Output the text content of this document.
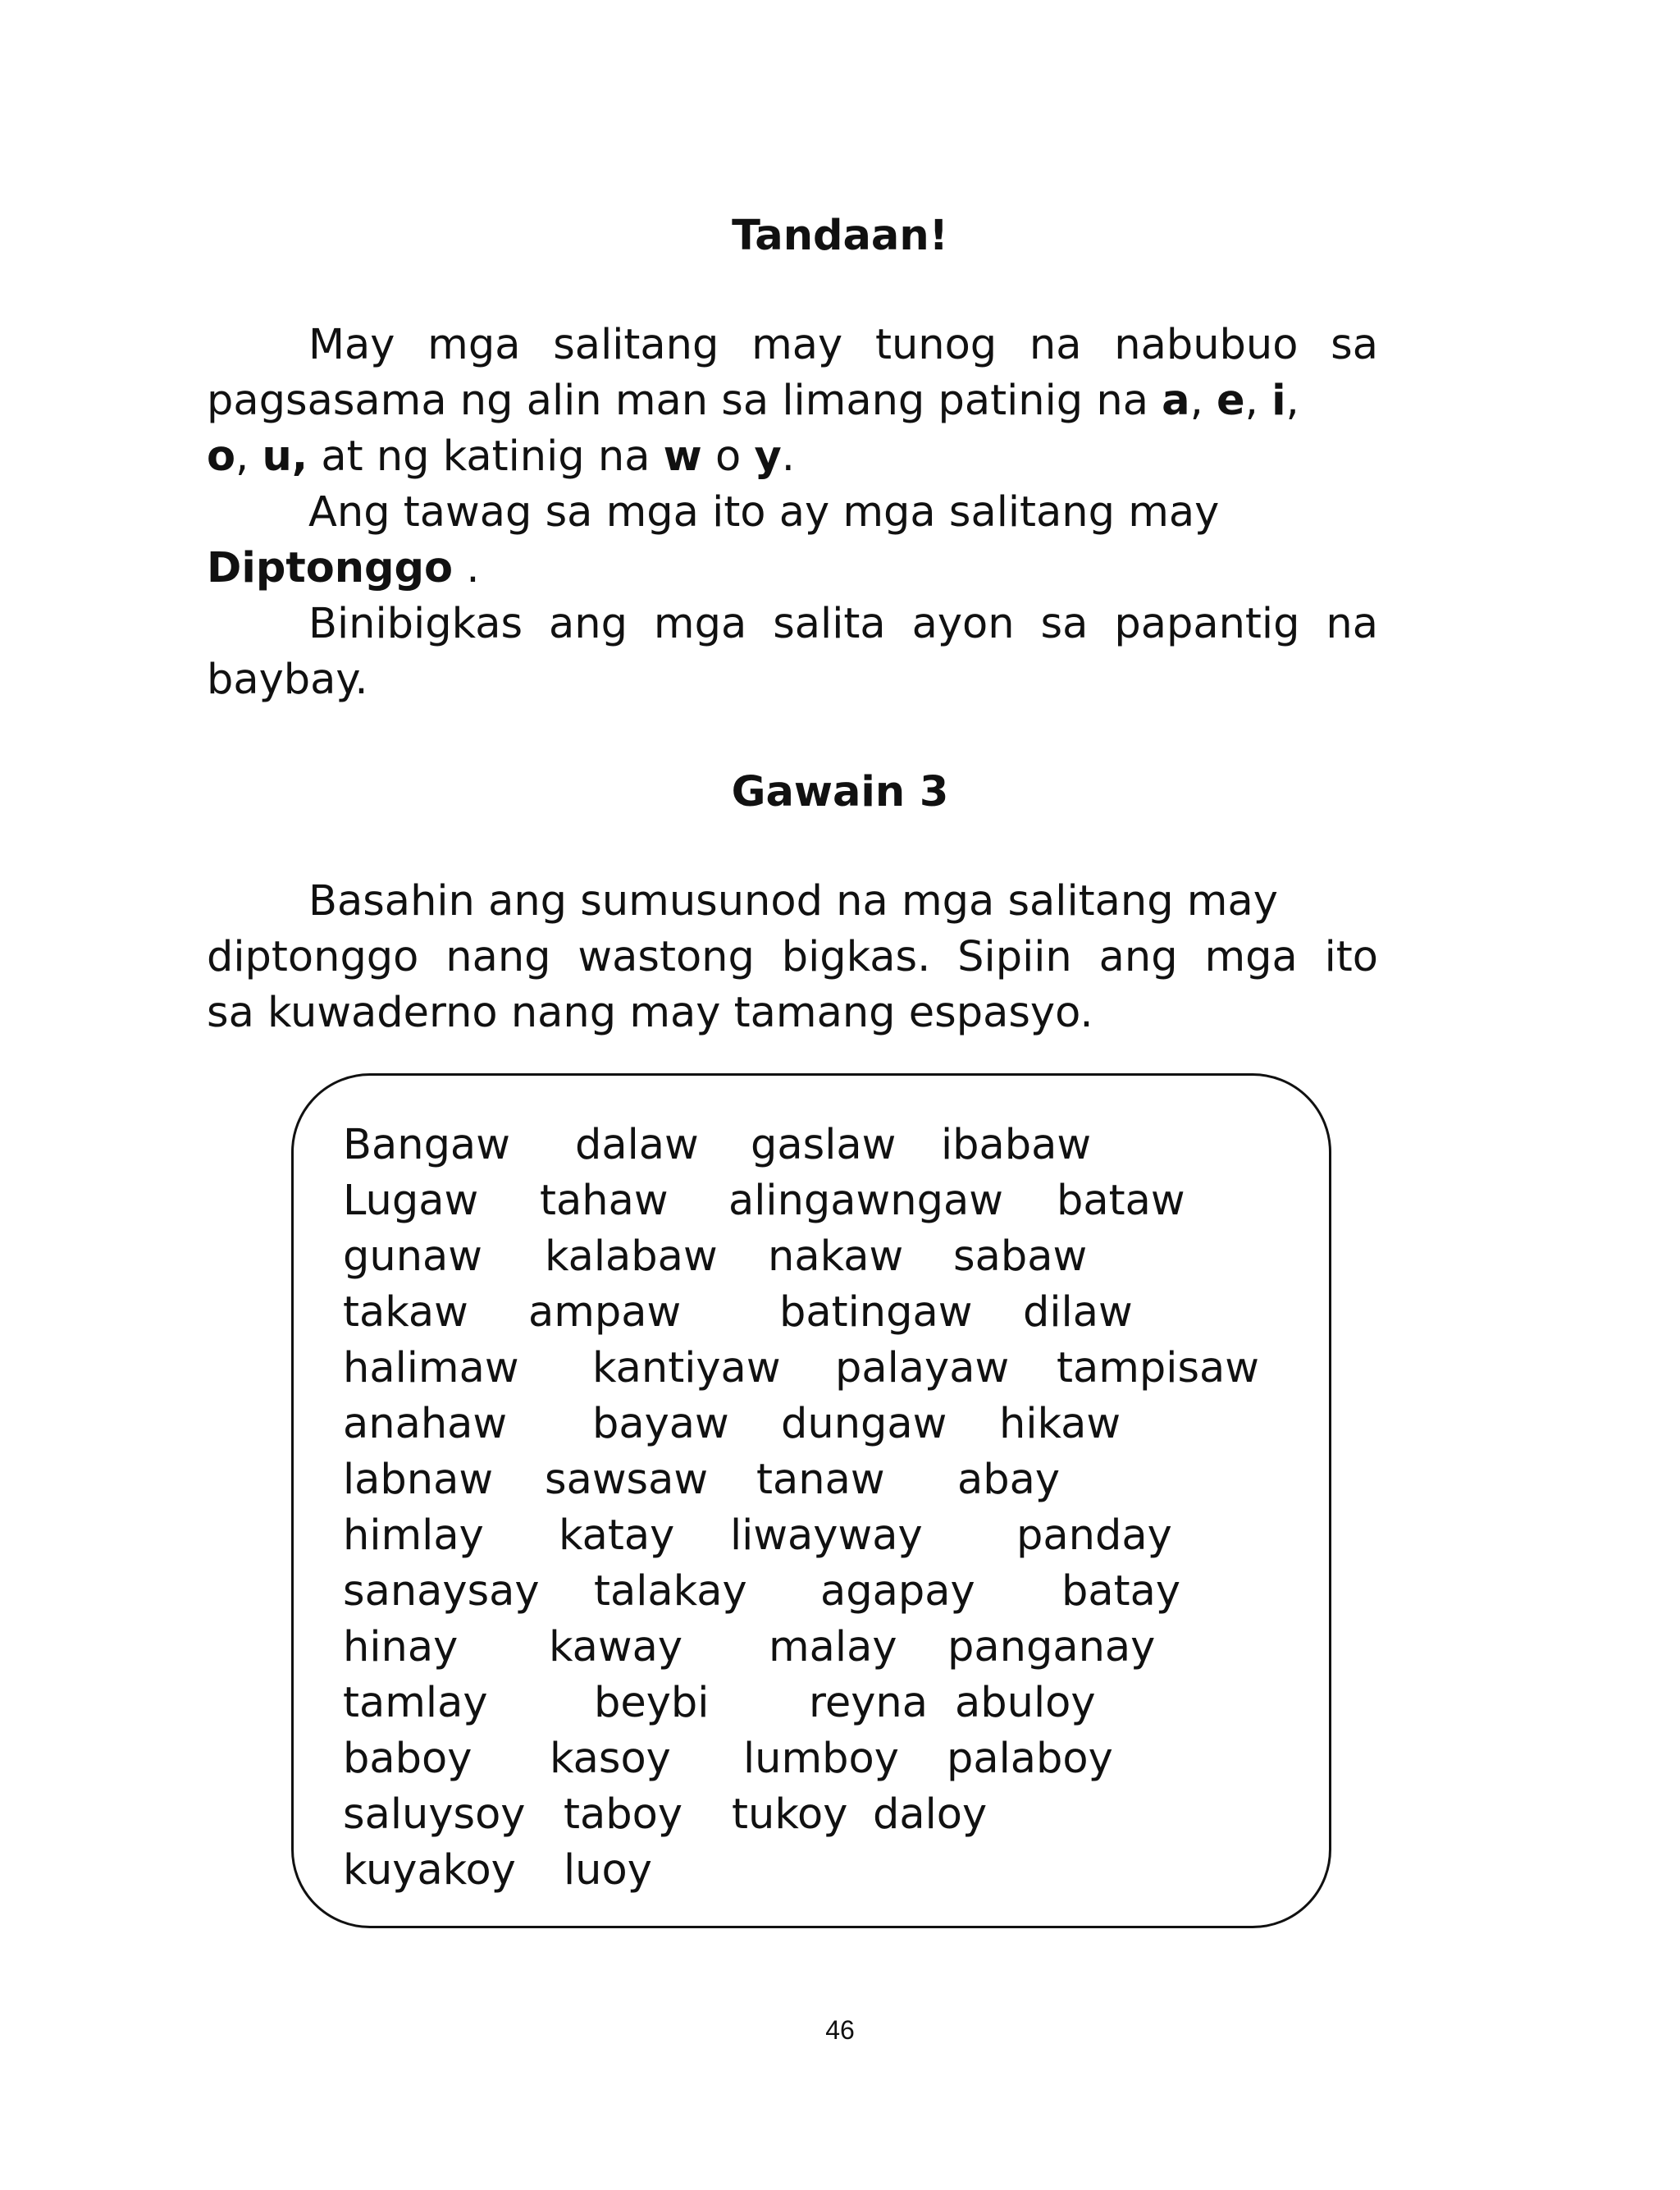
Tandaan!
May mga salitang may tunog na nabubuo sa
pagsasama ng alin man sa limang patinig na a, e, i,
o, u, at ng katinig na w o y.
Ang tawag sa mga ito ay mga salitang may
Diptonggo .
Binibigkas ang mga salita ayon sa papantig na
baybay.
Gawain 3
Basahin ang sumusunod na mga salitang may
diptonggo nang wastong bigkas. Sipiin ang mga ito
sa kuwaderno nang may tamang espasyo.
Bangaw dalaw gaslaw ibabaw
Lugaw tahaw alingawngaw bataw
gunaw kalabaw nakaw sabaw
takaw ampaw batingaw dilaw
halimaw kantiyaw palayaw tampisaw
anahaw bayaw dungaw hikaw
labnaw sawsaw tanaw abay
himlay katay liwayway panday
sanaysay talakay agapay batay
hinay kaway malay panganay
tamlay	beybi reyna abuloy
baboy kasoy lumboy palaboy
saluysoy taboy tukoy daloy
kuyakoy luoy
46
